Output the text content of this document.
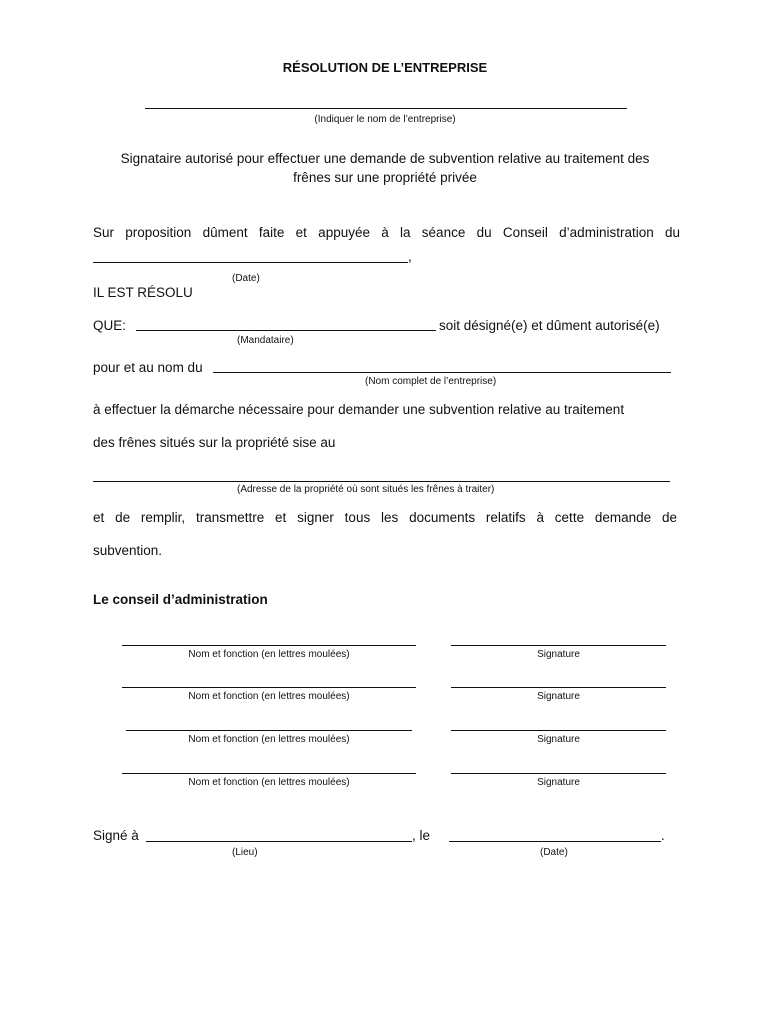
RÉSOLUTION DE L’ENTREPRISE
(Indiquer le nom de l’entreprise)
Signataire autorisé pour effectuer une demande de subvention relative au traitement des
frênes sur une propriété privée
Sur proposition dûment faite et appuyée à la séance du Conseil d’administration du
,
(Date)
IL EST RÉSOLU
QUE:	soit désigné(e) et dûment autorisé(e)
(Mandataire)
pour et au nom du
(Nom complet de l’entreprise)
à effectuer la démarche nécessaire pour demander une subvention relative au traitement
des frênes situés sur la propriété sise au
(Adresse de la propriété où sont situés les frênes à traiter)
et de remplir, transmettre et signer tous les documents relatifs à cette demande de
subvention.
Le conseil d’administration
Nom et fonction (en lettres moulées)	Signature
Nom et fonction (en lettres moulées)	Signature
Nom et fonction (en lettres moulées)	Signature
Nom et fonction (en lettres moulées)	Signature
Signé à	, le	.
(Lieu)	(Date)
